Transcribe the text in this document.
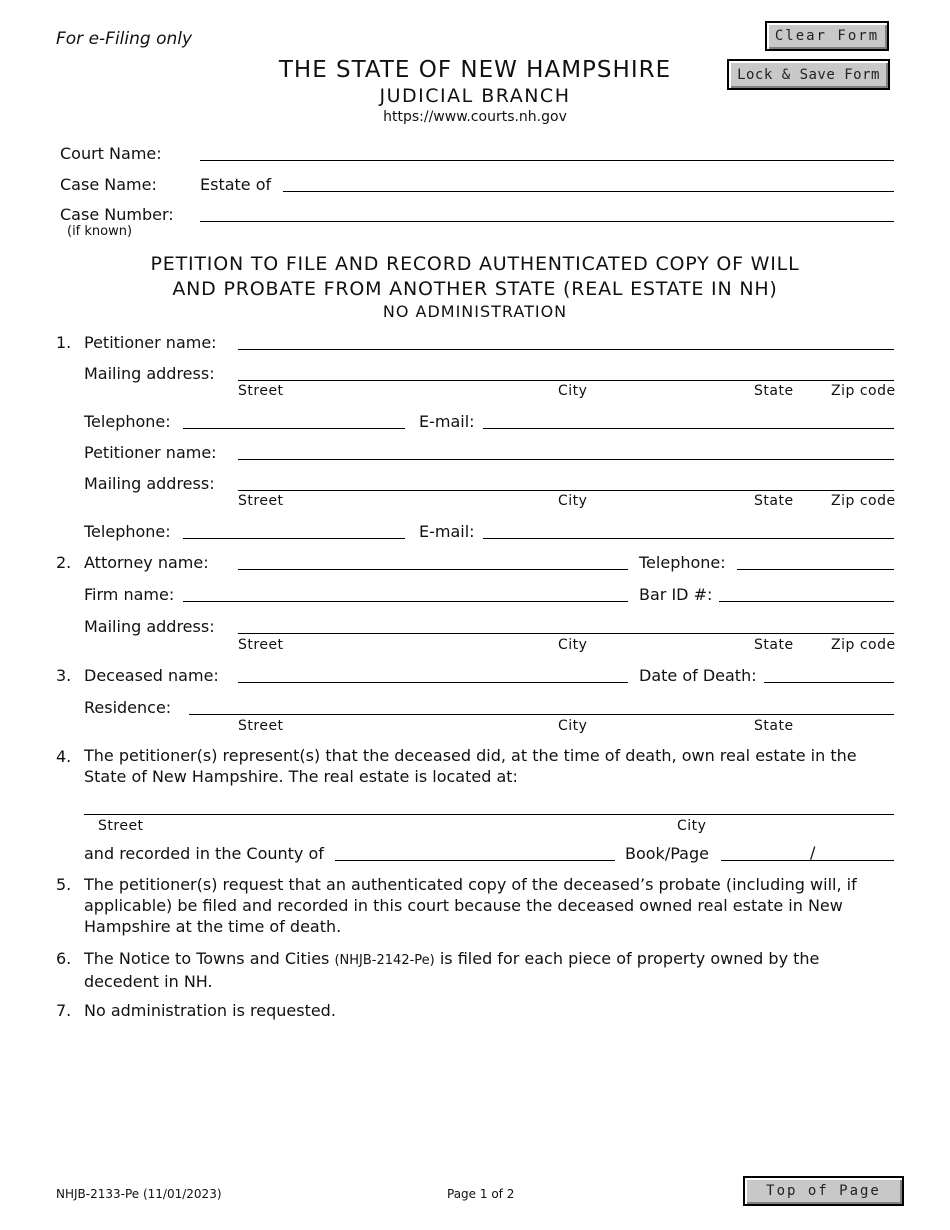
For e-Filing only
THE STATE OF NEW HAMPSHIRE
JUDICIAL BRANCH
https://www.courts.nh.gov
Clear Form
Lock & Save Form
Court Name:
Case Name:	Estate of
Case Number:
(if known)
PETITION TO FILE AND RECORD AUTHENTICATED COPY OF WILL
AND PROBATE FROM ANOTHER STATE (REAL ESTATE IN NH)
NO ADMINISTRATION
1. Petitioner name:
Mailing address:
Street	City	State	Zip code
Telephone:	E-mail:
Petitioner name:
Mailing address:
Street	City	State	Zip code
Telephone:	E-mail:
2. Attorney name:	Telephone:
Firm name:	Bar ID #:
Mailing address:
Street	City	State	Zip code
3. Deceased name:	Date of Death:
Residence:
Street	City	State
4. The petitioner(s) represent(s) that the deceased did, at the time of death, own real estate in the State of New Hampshire. The real estate is located at:
Street	City
and recorded in the County of	Book/Page	/
5. The petitioner(s) request that an authenticated copy of the deceased’s probate (including will, if applicable) be filed and recorded in this court because the deceased owned real estate in New Hampshire at the time of death.
6. The Notice to Towns and Cities (NHJB-2142-Pe) is filed for each piece of property owned by the decedent in NH.
7. No administration is requested.
NHJB-2133-Pe (11/01/2023)	Page 1 of 2	Top of Page
